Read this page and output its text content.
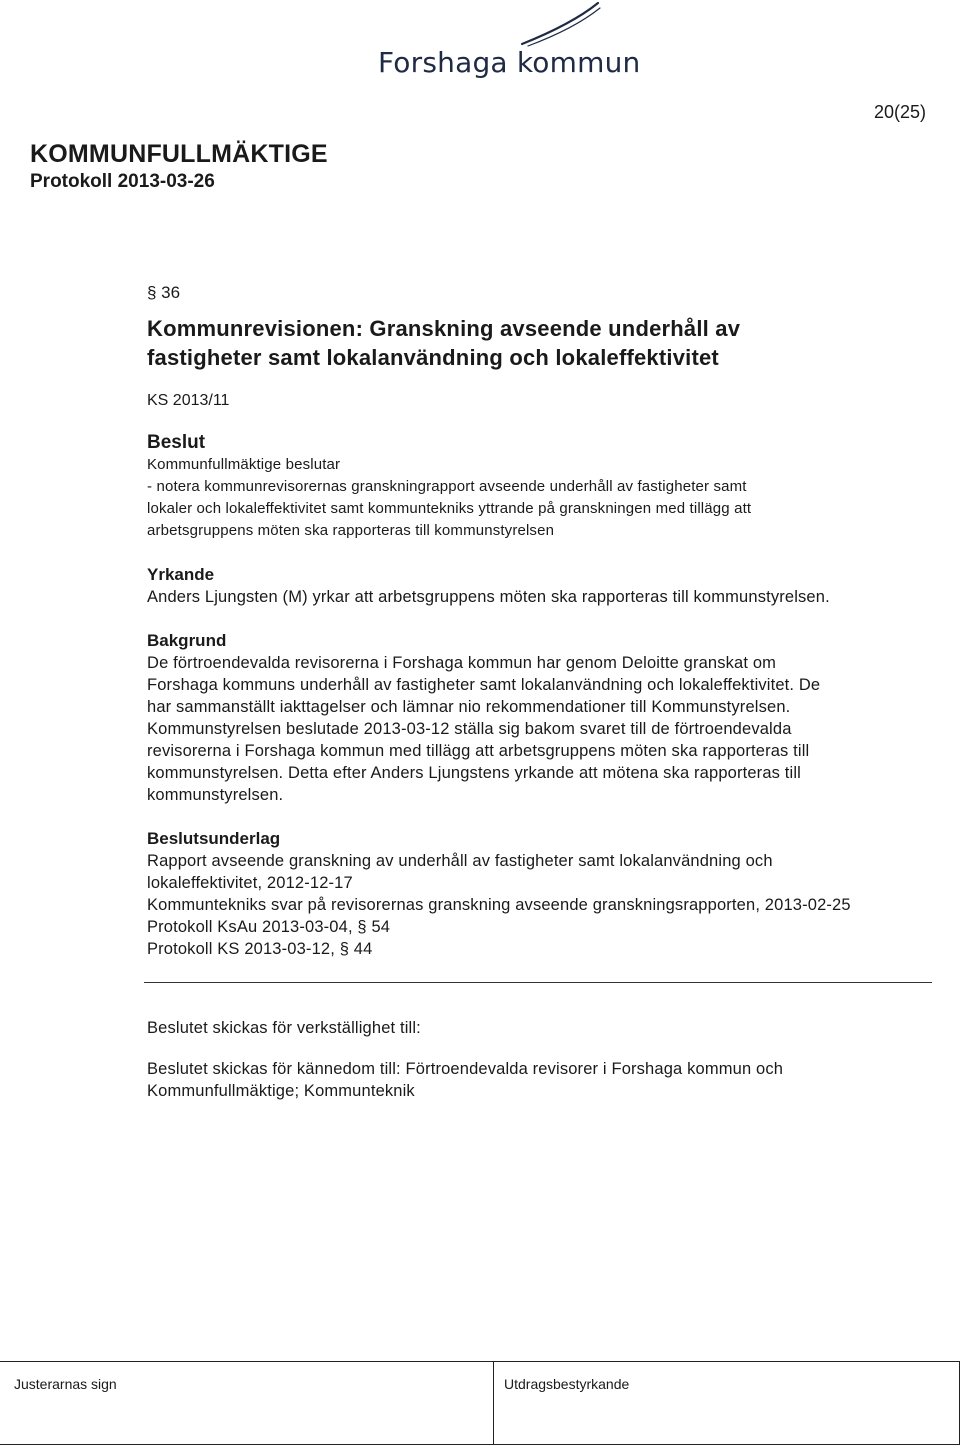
Forshaga kommun
20(25)
KOMMUNFULLMÄKTIGE
Protokoll 2013-03-26
§ 36
Kommunrevisionen: Granskning avseende underhåll av
fastigheter samt lokalanvändning och lokaleffektivitet
KS 2013/11
Beslut
Kommunfullmäktige beslutar
- notera kommunrevisorernas granskningrapport avseende underhåll av fastigheter samt
lokaler och lokaleffektivitet samt kommuntekniks yttrande på granskningen med tillägg att
arbetsgruppens möten ska rapporteras till kommunstyrelsen
Yrkande
Anders Ljungsten (M) yrkar att arbetsgruppens möten ska rapporteras till kommunstyrelsen.
Bakgrund
De förtroendevalda revisorerna i Forshaga kommun har genom Deloitte granskat om
Forshaga kommuns underhåll av fastigheter samt lokalanvändning och lokaleffektivitet. De
har sammanställt iakttagelser och lämnar nio rekommendationer till Kommunstyrelsen.
Kommunstyrelsen beslutade 2013-03-12 ställa sig bakom svaret till de förtroendevalda
revisorerna i Forshaga kommun med tillägg att arbetsgruppens möten ska rapporteras till
kommunstyrelsen. Detta efter Anders Ljungstens yrkande att mötena ska rapporteras till
kommunstyrelsen.
Beslutsunderlag
Rapport avseende granskning av underhåll av fastigheter samt lokalanvändning och
lokaleffektivitet, 2012-12-17
Kommuntekniks svar på revisorernas granskning avseende granskningsrapporten, 2013-02-25
Protokoll KsAu 2013-03-04, § 54
Protokoll KS 2013-03-12, § 44
Beslutet skickas för verkställighet till:
Beslutet skickas för kännedom till: Förtroendevalda revisorer i Forshaga kommun och
Kommunfullmäktige; Kommunteknik
Justerarnas sign	Utdragsbestyrkande
